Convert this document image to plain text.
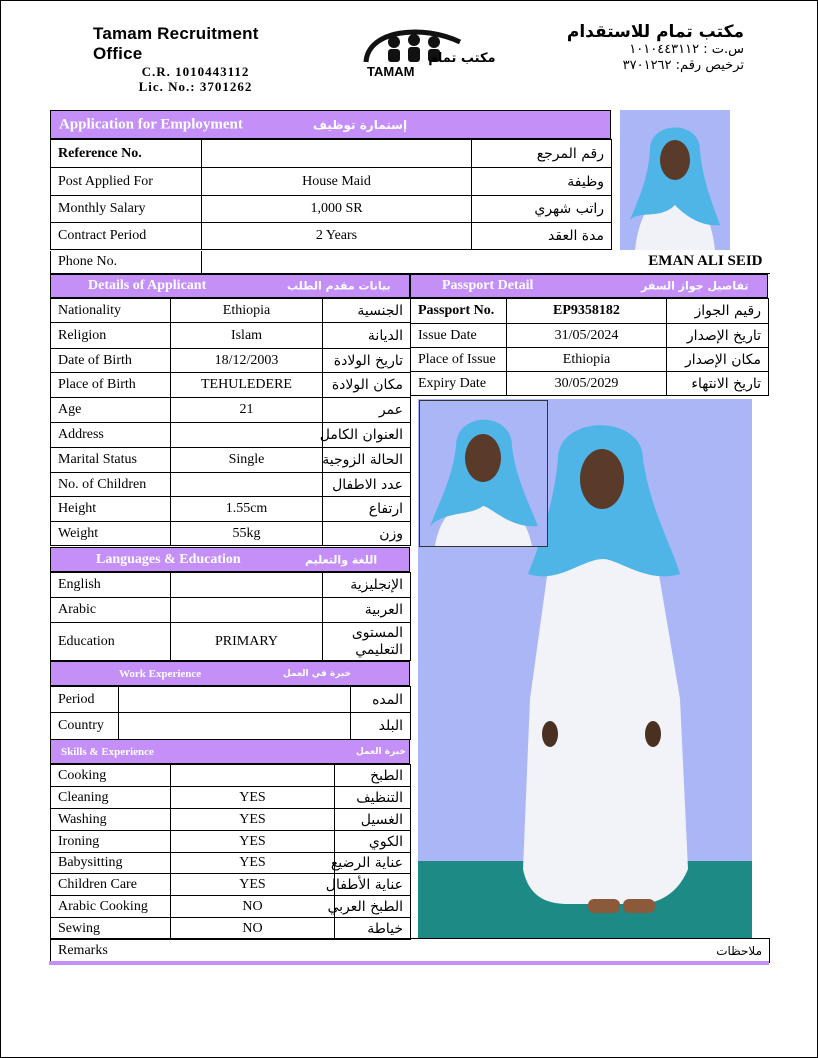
Tamam Recruitment Office
C.R. 1010443112
Lic. No.: 3701262
مكتب تمام
TAMAM
مكتب تمام للاستقدام
س.ت : ١٠١٠٤٤٣١١٢
ترخيص رقم: ٣٧٠١٢٦٢
Application for Employment	إستمارة توظيف
Reference No.		رقم المرجع
Post Applied For	House Maid	وظيفة
Monthly Salary	1,000 SR	راتب شهري
Contract Period	2 Years	مدة العقد
Phone No.	EMAN ALI SEID
Details of Applicant	بيانات مقدم الطلب
Nationality	Ethiopia	الجنسية
Religion	Islam	الديانة
Date of Birth	18/12/2003	تاريخ الولادة
Place of Birth	TEHULEDERE	مكان الولادة
Age	21	عمر
Address		العنوان الكامل
Marital Status	Single	الحالة الزوجية
No. of Children		عدد الاطفال
Height	1.55cm	ارتفاع
Weight	55kg	وزن
Passport Detail	تفاصيل جواز السفر
Passport No.	EP9358182	رقيم الجواز
Issue Date	31/05/2024	تاريخ الإصدار
Place of Issue	Ethiopia	مكان الإصدار
Expiry Date	30/05/2029	تاريخ الانتهاء
Languages & Education	اللغة والتعليم
English		الإنجليزية
Arabic		العربية
Education	PRIMARY	المستوى التعليمي
Work Experience	خبرة في العمل
Period		المده
Country		البلد
Skills & Experience	خبرة العمل
Cooking		الطبخ
Cleaning	YES	التنظيف
Washing	YES	الغسيل
Ironing	YES	الكوي
Babysitting	YES	عناية الرضيع
Children Care	YES	عناية الأطفال
Arabic Cooking	NO	الطبخ العربي
Sewing	NO	خياطة
Remarks	ملاحظات
